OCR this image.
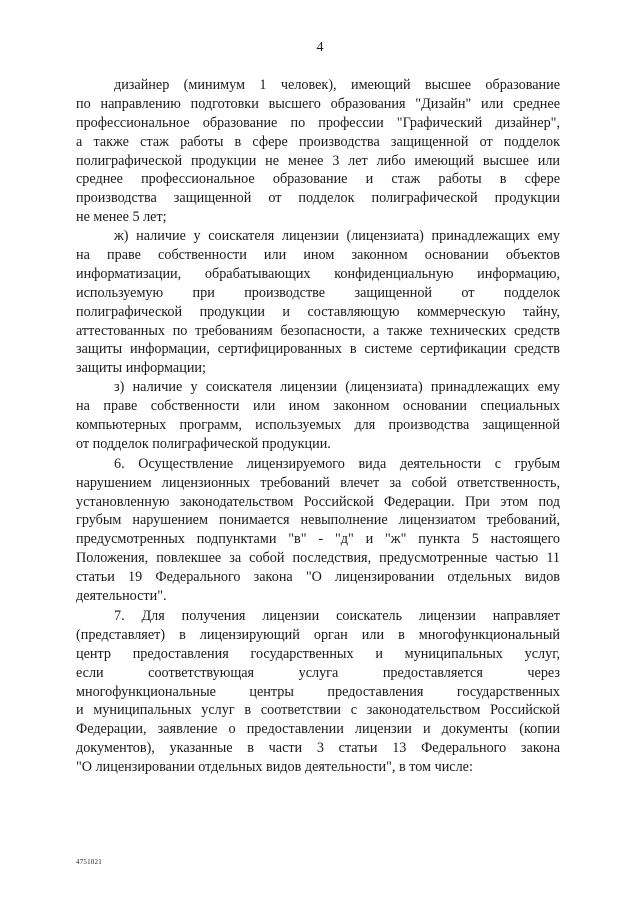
4
дизайнер (минимум 1 человек), имеющий высшее образование
по направлению подготовки высшего образования "Дизайн" или среднее
профессиональное образование по профессии "Графический дизайнер",
а также стаж работы в сфере производства защищенной от подделок
полиграфической продукции не менее 3 лет либо имеющий высшее или
среднее профессиональное образование и стаж работы в сфере
производства защищенной от подделок полиграфической продукции
не менее 5 лет;
ж) наличие у соискателя лицензии (лицензиата) принадлежащих ему
на праве собственности или ином законном основании объектов
информатизации, обрабатывающих конфиденциальную информацию,
используемую при производстве защищенной от подделок
полиграфической продукции и составляющую коммерческую тайну,
аттестованных по требованиям безопасности, а также технических средств
защиты информации, сертифицированных в системе сертификации средств
защиты информации;
з) наличие у соискателя лицензии (лицензиата) принадлежащих ему
на праве собственности или ином законном основании специальных
компьютерных программ, используемых для производства защищенной
от подделок полиграфической продукции.
6. Осуществление лицензируемого вида деятельности с грубым
нарушением лицензионных требований влечет за собой ответственность,
установленную законодательством Российской Федерации. При этом под
грубым нарушением понимается невыполнение лицензиатом требований,
предусмотренных подпунктами "в" - "д" и "ж" пункта 5 настоящего
Положения, повлекшее за собой последствия, предусмотренные частью 11
статьи 19 Федерального закона "О лицензировании отдельных видов
деятельности".
7. Для получения лицензии соискатель лицензии направляет
(представляет) в лицензирующий орган или в многофункциональный
центр предоставления государственных и муниципальных услуг,
если соответствующая услуга предоставляется через
многофункциональные центры предоставления государственных
и муниципальных услуг в соответствии с законодательством Российской
Федерации, заявление о предоставлении лицензии и документы (копии
документов), указанные в части 3 статьи 13 Федерального закона
"О лицензировании отдельных видов деятельности", в том числе:
4751021
